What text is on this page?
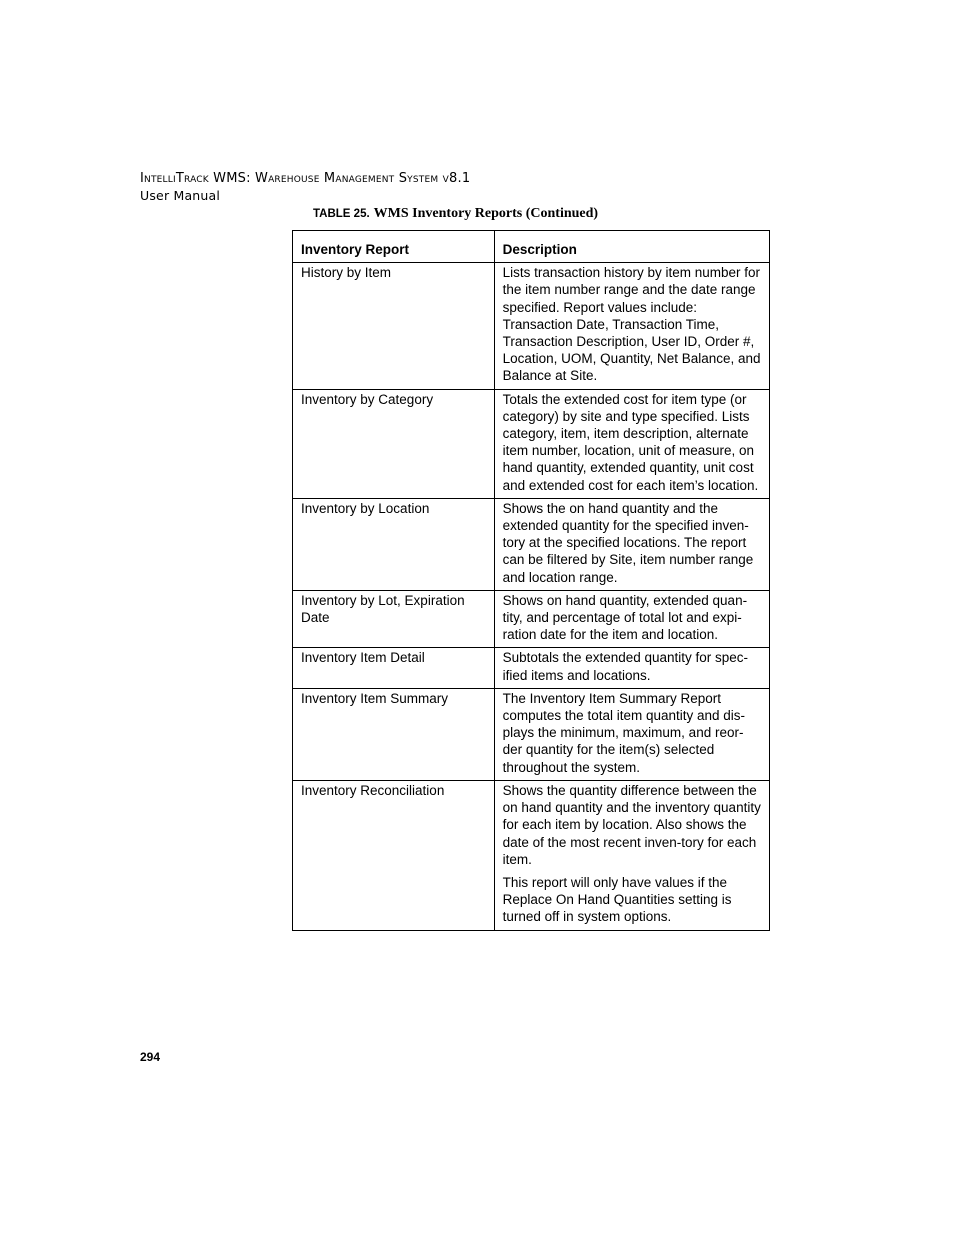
IntelliTrack WMS: Warehouse Management System v8.1
User Manual
TABLE 25. WMS Inventory Reports (Continued)
Inventory Report	Description
History by Item	Lists transaction history by item number for the item number range and the date range specified. Report values include: Transaction Date, Transaction Time, Transaction Description, User ID, Order #, Location, UOM, Quantity, Net Balance, and Balance at Site.

Inventory by Category	Totals the extended cost for item type (or category) by site and type specified. Lists category, item, item description, alternate item number, location, unit of measure, on hand quantity, extended quantity, unit cost and extended cost for each item’s location.

Inventory by Location	Shows the on hand quantity and the extended quantity for the specified inven-tory at the specified locations. The report can be filtered by Site, item number range and location range.

Inventory by Lot, Expiration Date	Shows on hand quantity, extended quan-tity, and percentage of total lot and expi-ration date for the item and location.

Inventory Item Detail	Subtotals the extended quantity for spec-ified items and locations.

Inventory Item Summary	The Inventory Item Summary Report computes the total item quantity and dis-plays the minimum, maximum, and reor-der quantity for the item(s) selected throughout the system.

Inventory Reconciliation	Shows the quantity difference between the on hand quantity and the inventory quantity for each item by location. Also shows the date of the most recent inven-tory for each item.

This report will only have values if the Replace On Hand Quantities setting is turned off in system options.

294
